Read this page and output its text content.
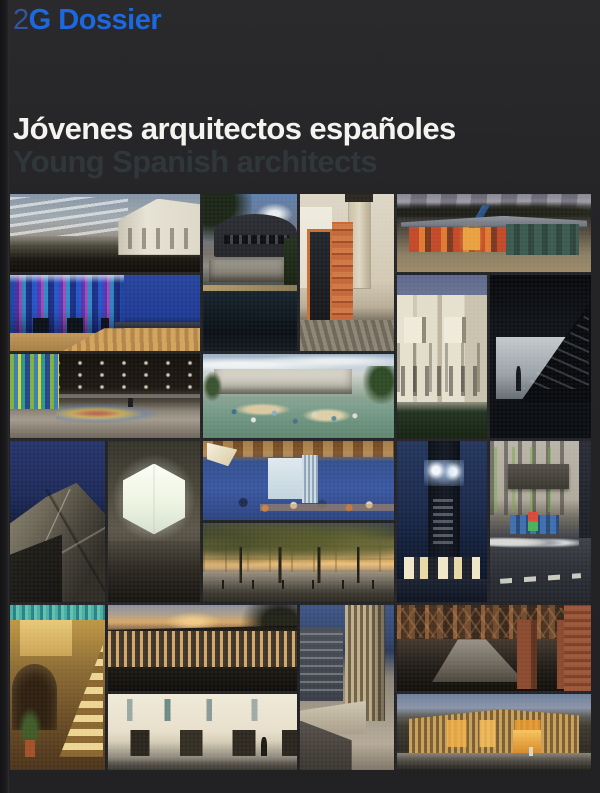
2G Dossier
Jóvenes arquitectos españoles
Young Spanish architects
